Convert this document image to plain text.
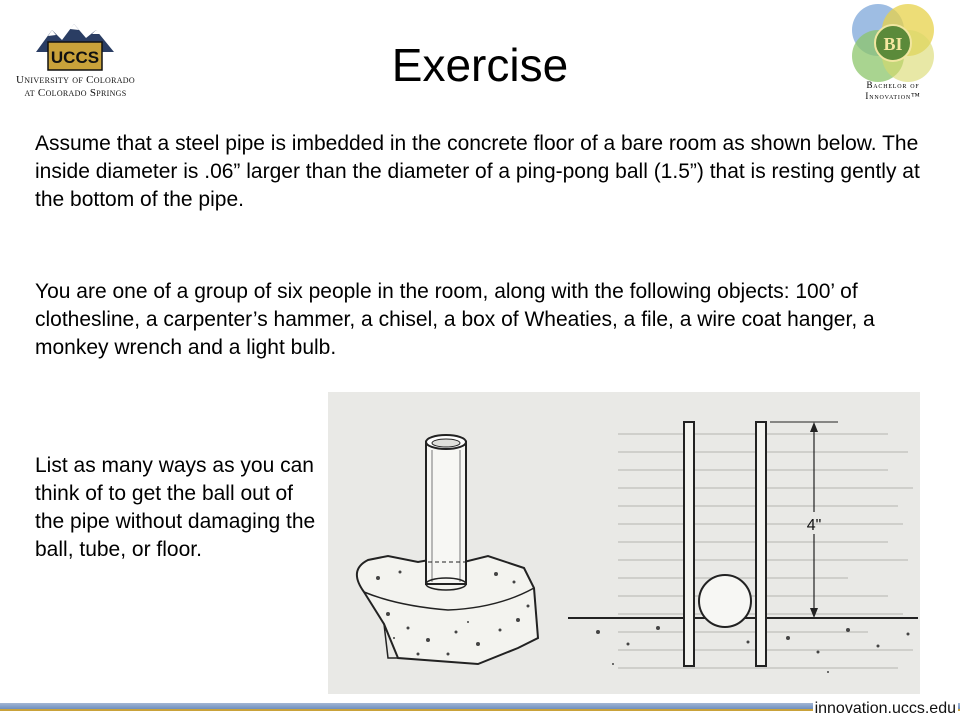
UCCS
University of Colorado
at Colorado Springs
Exercise	BI
Bachelor of
Innovation™
Assume that a steel pipe is imbedded in the concrete floor of a bare room as shown below. The inside diameter is .06” larger than the diameter of a ping-pong ball (1.5”) that is resting gently at the bottom of the pipe.
You are one of a group of six people in the room, along with the following objects: 100’ of clothesline, a carpenter’s hammer, a chisel, a box of Wheaties, a file, a wire coat hanger, a monkey wrench and a light bulb.
List as many ways as you can think of to get the ball out of the pipe without damaging the ball, tube, or floor.
4"
innovation.uccs.edu
